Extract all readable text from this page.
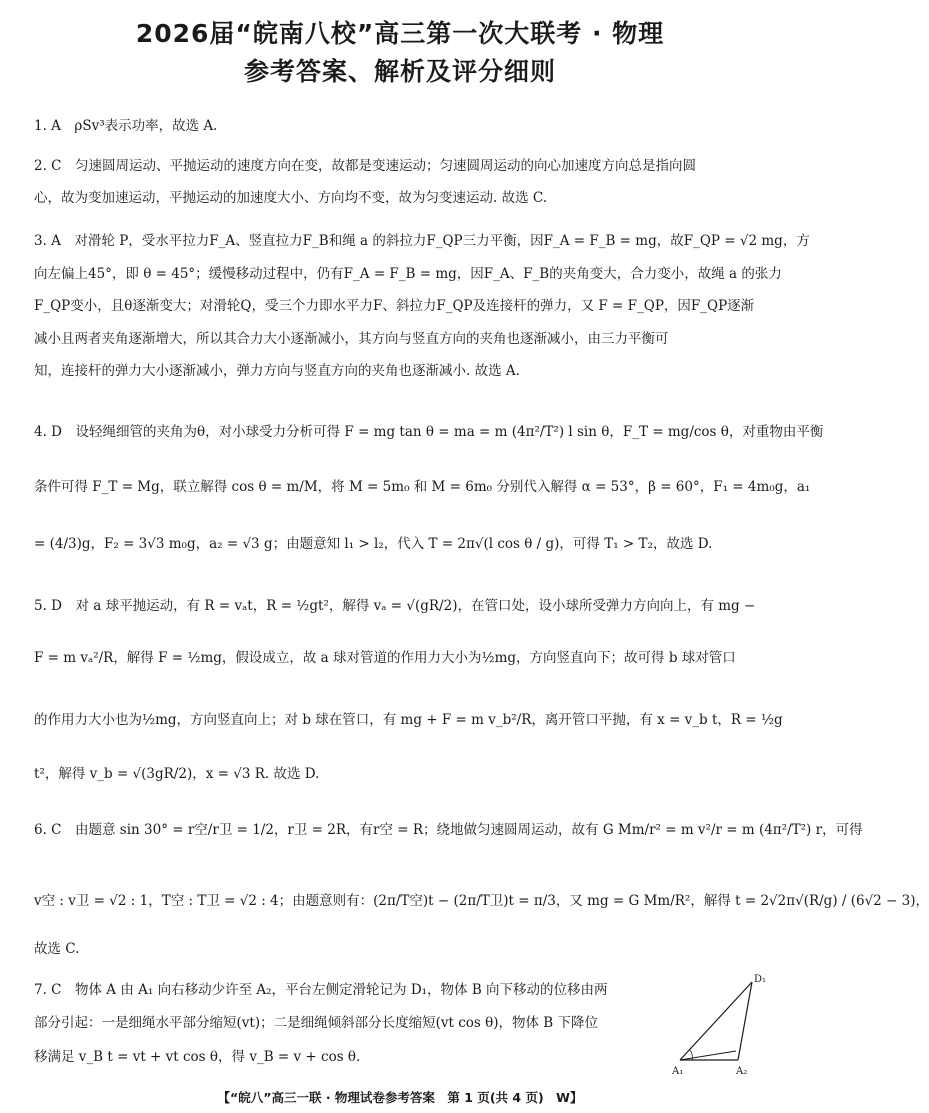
2026届“皖南八校”高三第一次大联考 · 物理
参考答案、解析及评分细则
1. A　ρSv³表示功率，故选 A.
2. C　匀速圆周运动、平抛运动的速度方向在变，故都是变速运动；匀速圆周运动的向心加速度方向总是指向圆
心，故为变加速运动，平抛运动的加速度大小、方向均不变，故为匀变速运动. 故选 C.
3. A　对滑轮 P，受水平拉力F_A、竖直拉力F_B和绳 a 的斜拉力F_QP三力平衡，因F_A = F_B = mg，故F_QP = √2 mg，方
向左偏上45°，即 θ = 45°；缓慢移动过程中，仍有F_A = F_B = mg，因F_A、F_B的夹角变大，合力变小，故绳 a 的张力
F_QP变小，且θ逐渐变大；对滑轮Q，受三个力即水平力F、斜拉力F_QP及连接杆的弹力，又 F = F_QP，因F_QP逐渐
减小且两者夹角逐渐增大，所以其合力大小逐渐减小，其方向与竖直方向的夹角也逐渐减小，由三力平衡可
知，连接杆的弹力大小逐渐减小，弹力方向与竖直方向的夹角也逐渐减小. 故选 A.
4. D　设轻绳细管的夹角为θ，对小球受力分析可得 F = mg tan θ = ma = m (4π²/T²) l sin θ，F_T = mg/cos θ，对重物由平衡
条件可得 F_T = Mg，联立解得 cos θ = m/M，将 M = 5m₀ 和 M = 6m₀ 分别代入解得 α = 53°，β = 60°，F₁ = 4m₀g，a₁
= (4/3)g，F₂ = 3√3 m₀g，a₂ = √3 g；由题意知 l₁ > l₂，代入 T = 2π√(l cos θ / g)，可得 T₁ > T₂，故选 D.
5. D　对 a 球平抛运动，有 R = vₐt，R = ½gt²，解得 vₐ = √(gR/2)，在管口处，设小球所受弹力方向向上，有 mg −
F = m vₐ²/R，解得 F = ½mg，假设成立，故 a 球对管道的作用力大小为½mg，方向竖直向下；故可得 b 球对管口
的作用力大小也为½mg，方向竖直向上；对 b 球在管口，有 mg + F = m v_b²/R，离开管口平抛，有 x = v_b t，R = ½g
t²，解得 v_b = √(3gR/2)，x = √3 R. 故选 D.
6. C　由题意 sin 30° = r空/r卫 = 1/2，r卫 = 2R，有r空 = R；绕地做匀速圆周运动，故有 G Mm/r² = m v²/r = m (4π²/T²) r，可得
v空 : v卫 = √2 : 1，T空 : T卫 = √2 : 4；由题意则有：(2π/T空)t − (2π/T卫)t = π/3，又 mg = G Mm/R²，解得 t = 2√2π√(R/g) / (6√2 − 3)，
故选 C.
7. C　物体 A 由 A₁ 向右移动少许至 A₂，平台左侧定滑轮记为 D₁，物体 B 向下移动的位移由两
部分引起：一是细绳水平部分缩短(vt)；二是细绳倾斜部分长度缩短(vt cos θ)，物体 B 下降位
移满足 v_B t = vt + vt cos θ，得 v_B = v + cos θ.
D₁
A₁	A₂
【“皖八”高三一联 · 物理试卷参考答案　第 1 页(共 4 页)　W】
